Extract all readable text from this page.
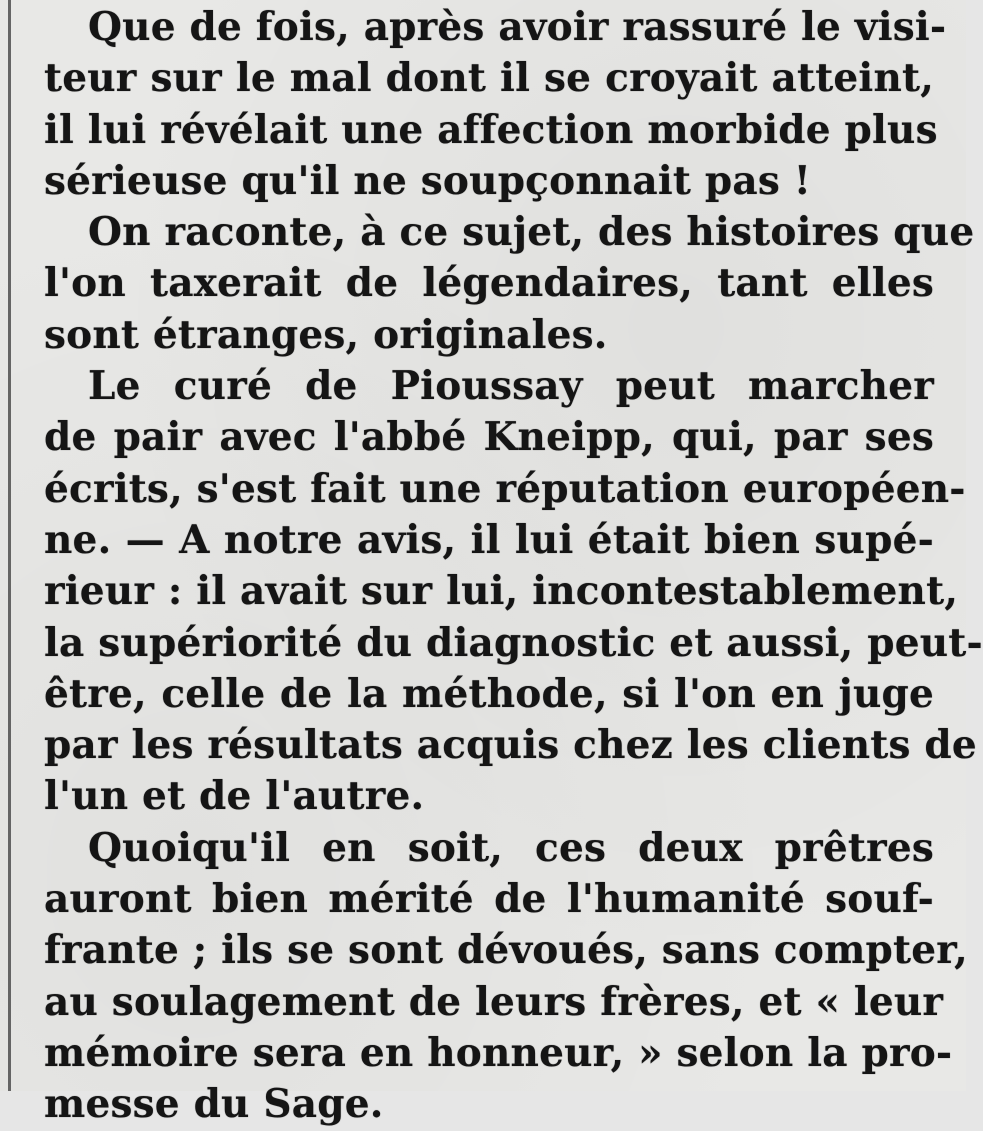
Que de fois, après avoir rassuré le visi-
teur sur le mal dont il se croyait atteint,
il lui révélait une affection morbide plus
sérieuse qu'il ne soupçonnait pas !
On raconte, à ce sujet, des histoires que
l'on taxerait de légendaires, tant elles
sont étranges, originales.
Le curé de Pioussay peut marcher
de pair avec l'abbé Kneipp, qui, par ses
écrits, s'est fait une réputation européen-
ne. — A notre avis, il lui était bien supé-
rieur : il avait sur lui, incontestablement,
la supériorité du diagnostic et aussi, peut-
être, celle de la méthode, si l'on en juge
par les résultats acquis chez les clients de
l'un et de l'autre.
Quoiqu'il en soit, ces deux prêtres
auront bien mérité de l'humanité souf-
frante ; ils se sont dévoués, sans compter,
au soulagement de leurs frères, et « leur
mémoire sera en honneur, » selon la pro-
messe du Sage.
